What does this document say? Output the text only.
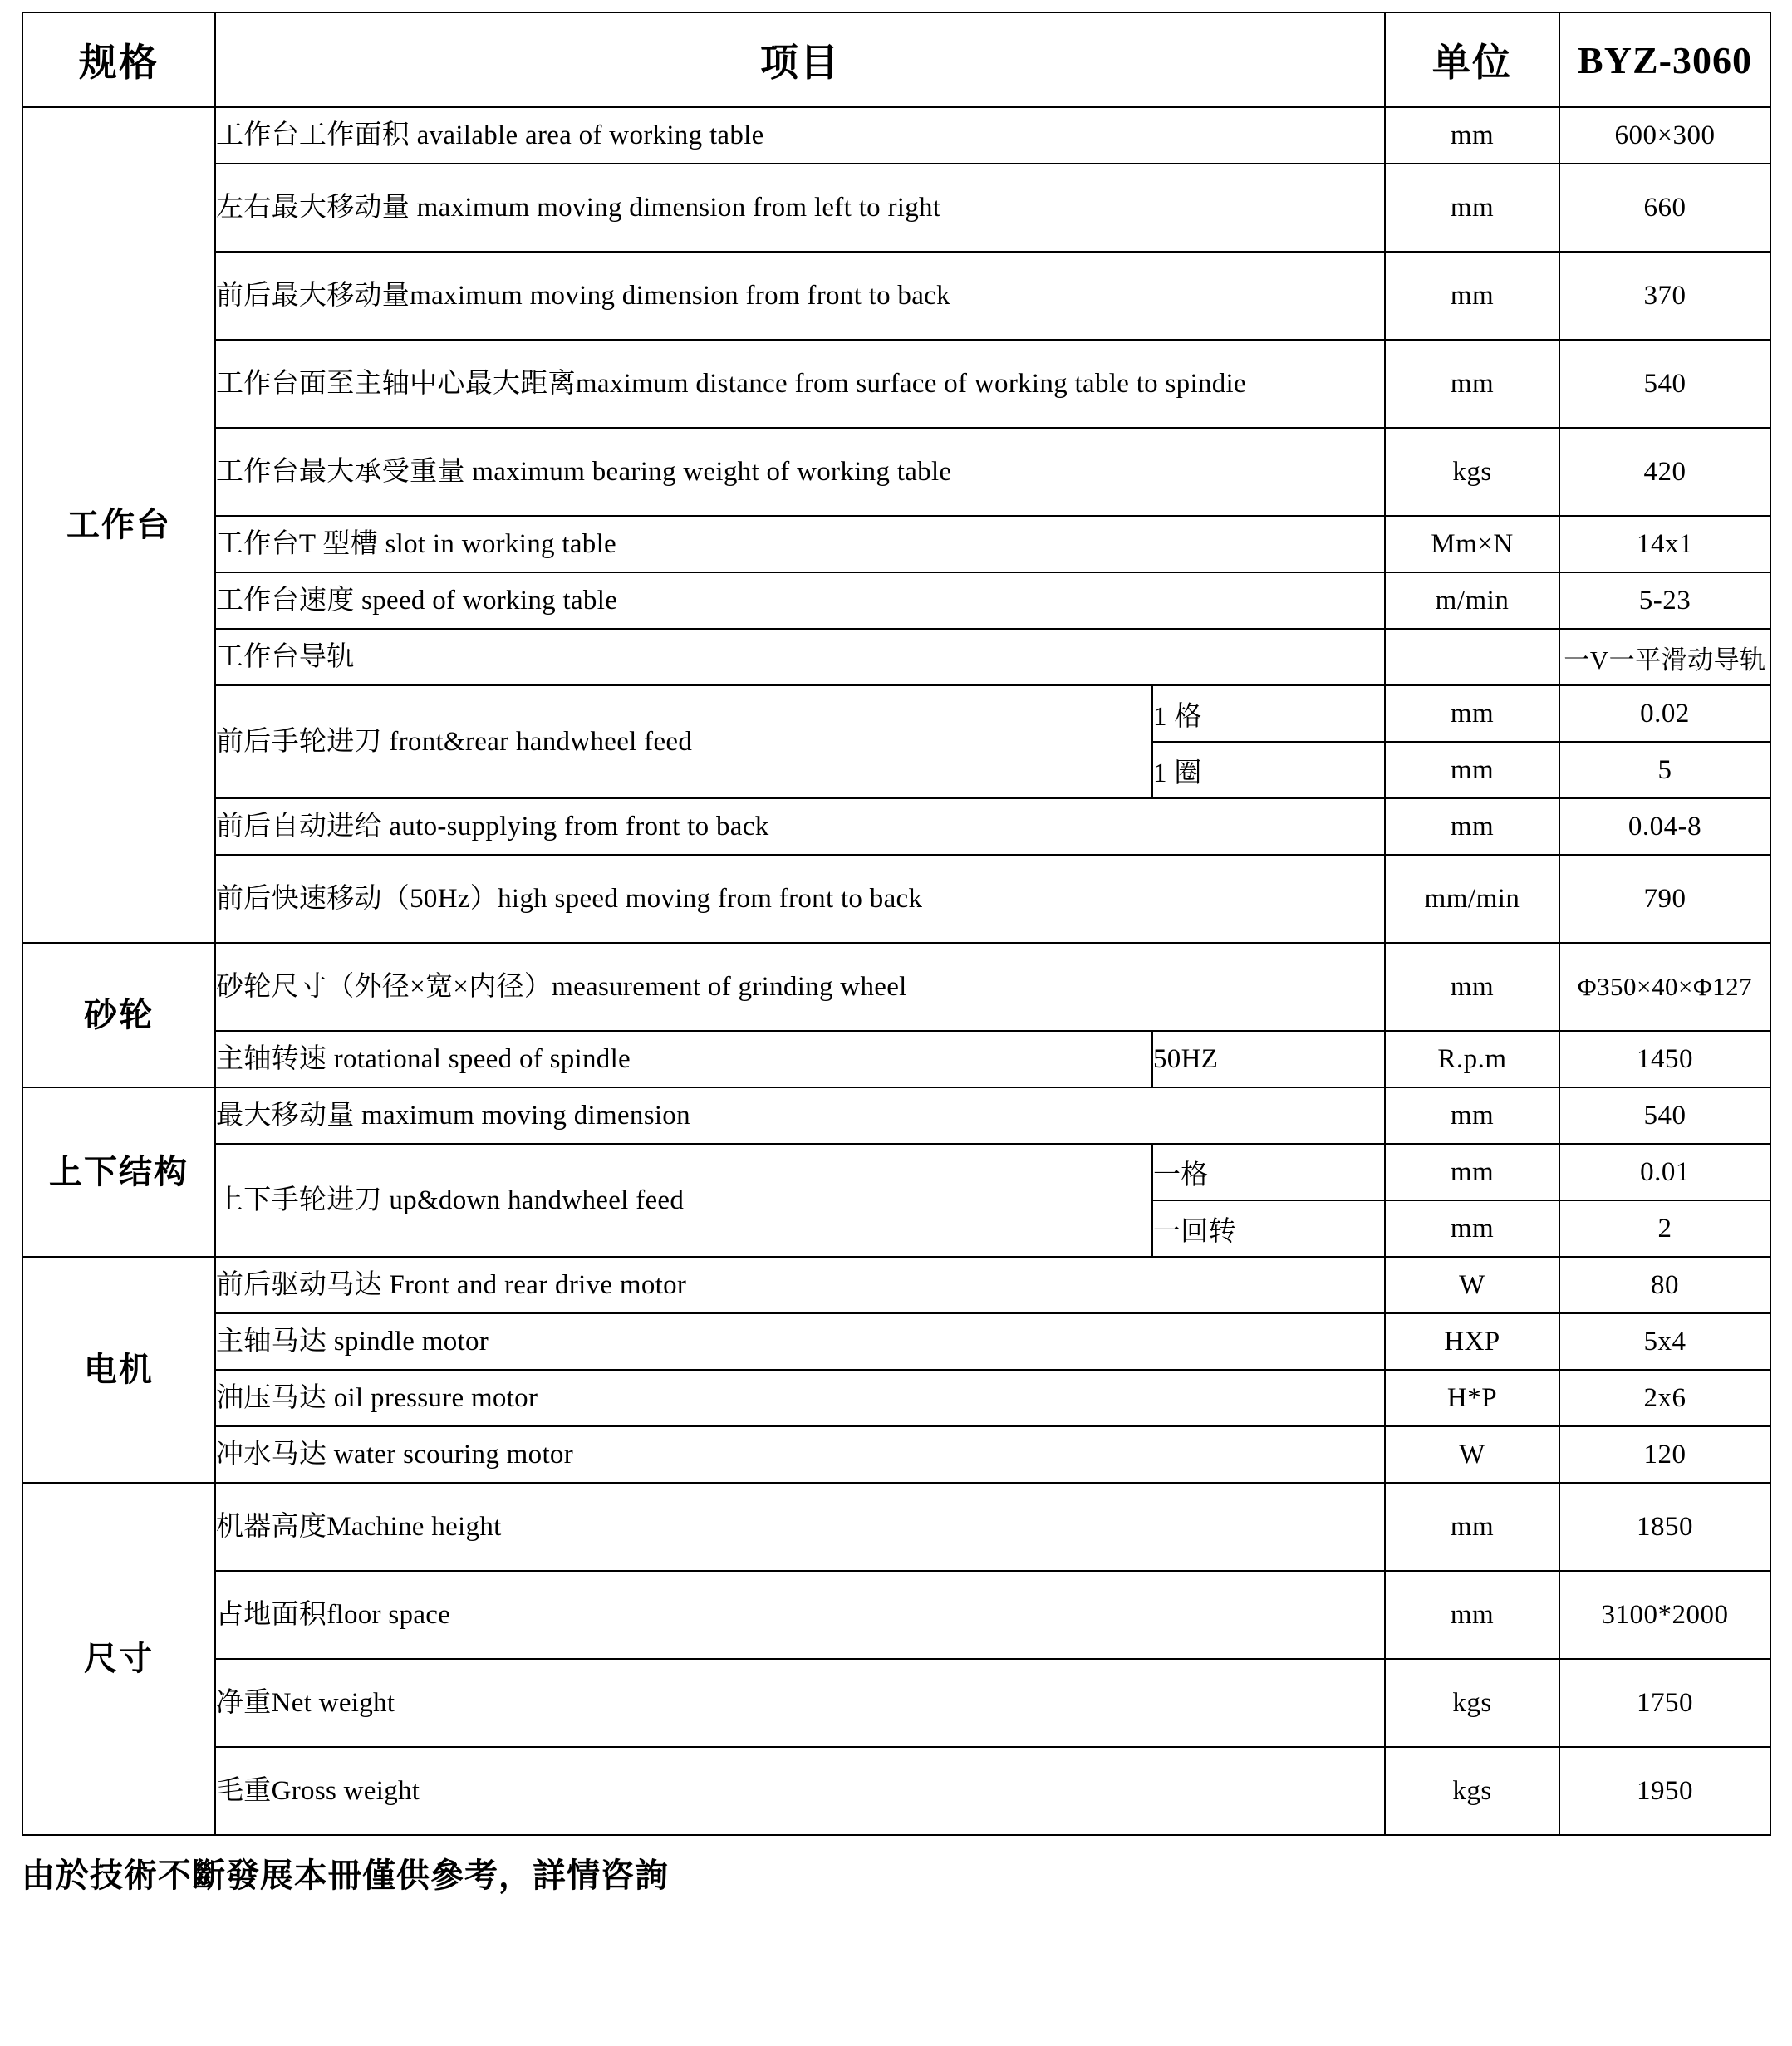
规格	项目		单位	BYZ-3060
工作台	工作台工作面积 available area of working table		mm	600×300
	左右最大移动量 maximum moving dimension from left to right		mm	660
	前后最大移动量maximum moving dimension from front to back		mm	370
	工作台面至主轴中心最大距离maximum distance from surface of working table to spindie		mm	540
	工作台最大承受重量 maximum bearing weight of working table		kgs	420
	工作台T 型槽 slot in working table		Mm×N	14x1
	工作台速度 speed of working table		m/min	5-23
	工作台导轨			一V一平滑动导轨
	前后手轮进刀 front&rear handwheel feed	1 格	mm	0.02
		1 圈	mm	5
	前后自动进给 auto-supplying from front to back		mm	0.04-8
	前后快速移动（50Hz）high speed moving from front to back		mm/min	790
砂轮	砂轮尺寸（外径×宽×内径）measurement of grinding wheel		mm	Φ350×40×Φ127
	主轴转速 rotational speed of spindle	50HZ	R.p.m	1450
上下结构	最大移动量 maximum moving dimension		mm	540
	上下手轮进刀 up&down handwheel feed	一格	mm	0.01
		一回转	mm	2
电机	前后驱动马达 Front and rear drive motor		W	80
	主轴马达 spindle motor		HXP	5x4
	油压马达 oil pressure motor		H*P	2x6
	冲水马达 water scouring motor		W	120
尺寸	机器高度Machine height		mm	1850
	占地面积floor space		mm	3100*2000
	净重Net weight		kgs	1750
	毛重Gross weight		kgs	1950
由於技術不斷發展本冊僅供參考，詳情咨詢
